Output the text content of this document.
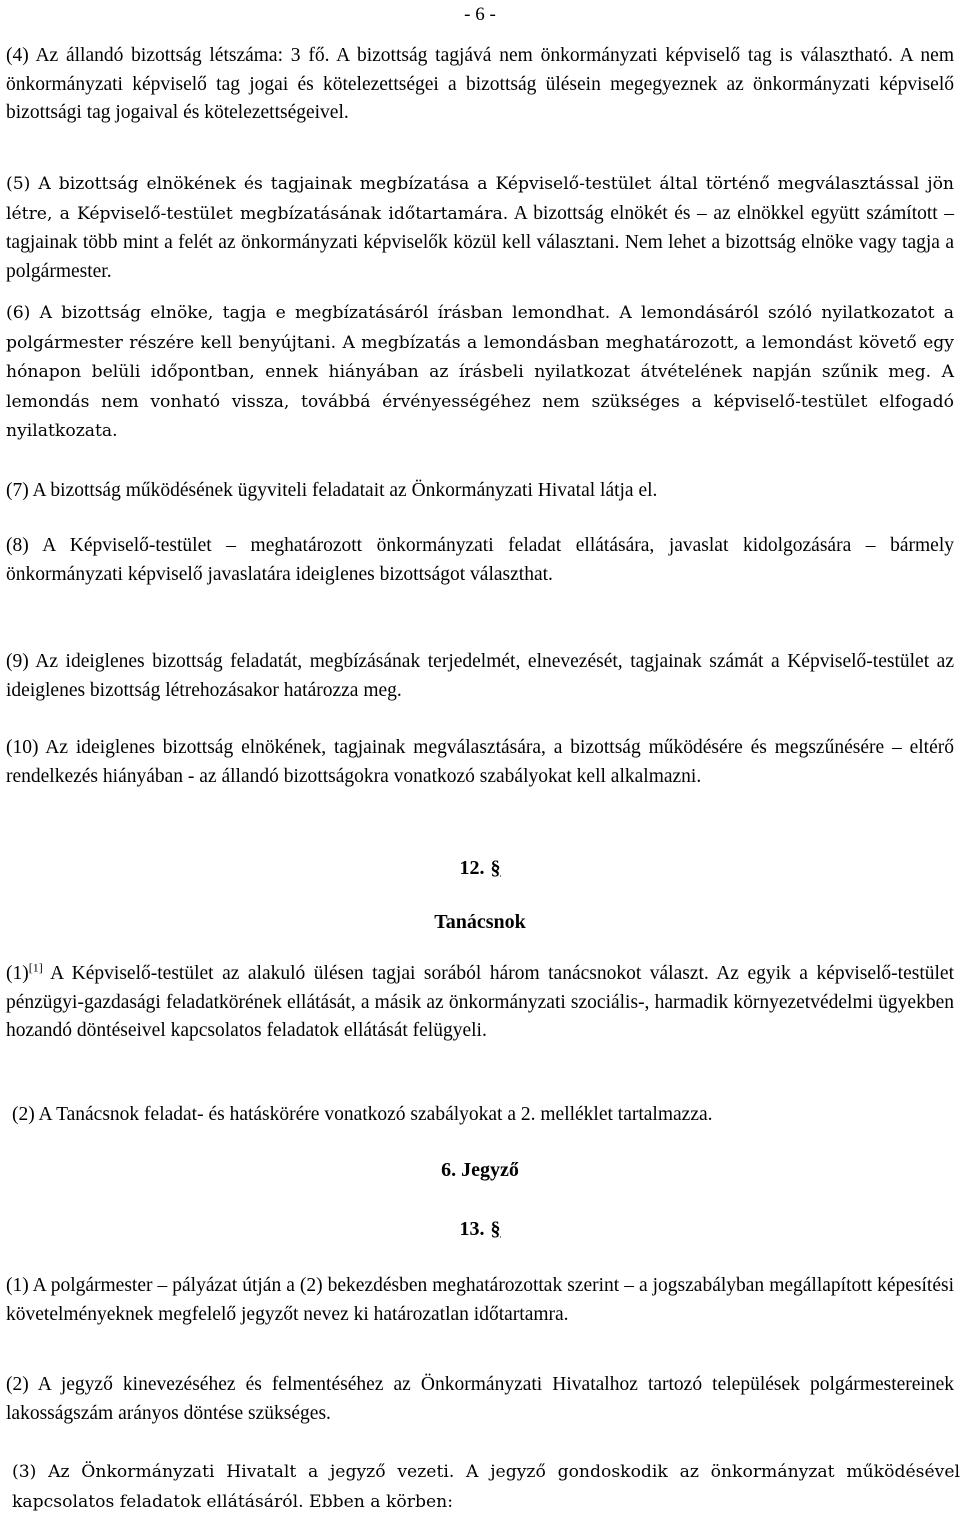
- 6 -

(4) Az állandó bizottság létszáma: 3 fő. A bizottság tagjává nem önkormányzati képviselő tag is választható. A nem önkormányzati képviselő tag jogai és kötelezettségei a bizottság ülésein megegyeznek az önkormányzati képviselő bizottsági tag jogaival és kötelezettségeivel.

(5) A bizottság elnökének és tagjainak megbízatása a Képviselő-testület által történő megválasztással jön létre, a Képviselő-testület megbízatásának időtartamára. A bizottság elnökét és – az elnökkel együtt számított – tagjainak több mint a felét az önkormányzati képviselők közül kell választani. Nem lehet a bizottság elnöke vagy tagja a polgármester.

(6) A bizottság elnöke, tagja e megbízatásáról írásban lemondhat. A lemondásáról szóló nyilatkozatot a polgármester részére kell benyújtani. A megbízatás a lemondásban meghatározott, a lemondást követő egy hónapon belüli időpontban, ennek hiányában az írásbeli nyilatkozat átvételének napján szűnik meg. A lemondás nem vonható vissza, továbbá érvényességéhez nem szükséges a képviselő-testület elfogadó nyilatkozata.

(7) A bizottság működésének ügyviteli feladatait az Önkormányzati Hivatal látja el.

(8) A Képviselő-testület – meghatározott önkormányzati feladat ellátására, javaslat kidolgozására – bármely önkormányzati képviselő javaslatára ideiglenes bizottságot választhat.

(9) Az ideiglenes bizottság feladatát, megbízásának terjedelmét, elnevezését, tagjainak számát a Képviselő-testület az ideiglenes bizottság létrehozásakor határozza meg.

(10) Az ideiglenes bizottság elnökének, tagjainak megválasztására, a bizottság működésére és megszűnésére – eltérő rendelkezés hiányában - az állandó bizottságokra vonatkozó szabályokat kell alkalmazni.

12. §
Tanácsnok

(1)[1] A Képviselő-testület az alakuló ülésen tagjai sorából három tanácsnokot választ. Az egyik a képviselő-testület pénzügyi-gazdasági feladatkörének ellátását, a másik az önkormányzati szociális-, harmadik környezetvédelmi ügyekben hozandó döntéseivel kapcsolatos feladatok ellátását felügyeli.

(2) A Tanácsnok feladat- és hatáskörére vonatkozó szabályokat a 2. melléklet tartalmazza.

6. Jegyző
13. §

(1) A polgármester – pályázat útján a (2) bekezdésben meghatározottak szerint – a jogszabályban megállapított képesítési követelményeknek megfelelő jegyzőt nevez ki határozatlan időtartamra.

(2) A jegyző kinevezéséhez és felmentéséhez az Önkormányzati Hivatalhoz tartozó települések polgármestereinek lakosságszám arányos döntése szükséges.

(3) Az Önkormányzati Hivatalt a jegyző vezeti. A jegyző gondoskodik az önkormányzat működésével kapcsolatos feladatok ellátásáról. Ebben a körben:
